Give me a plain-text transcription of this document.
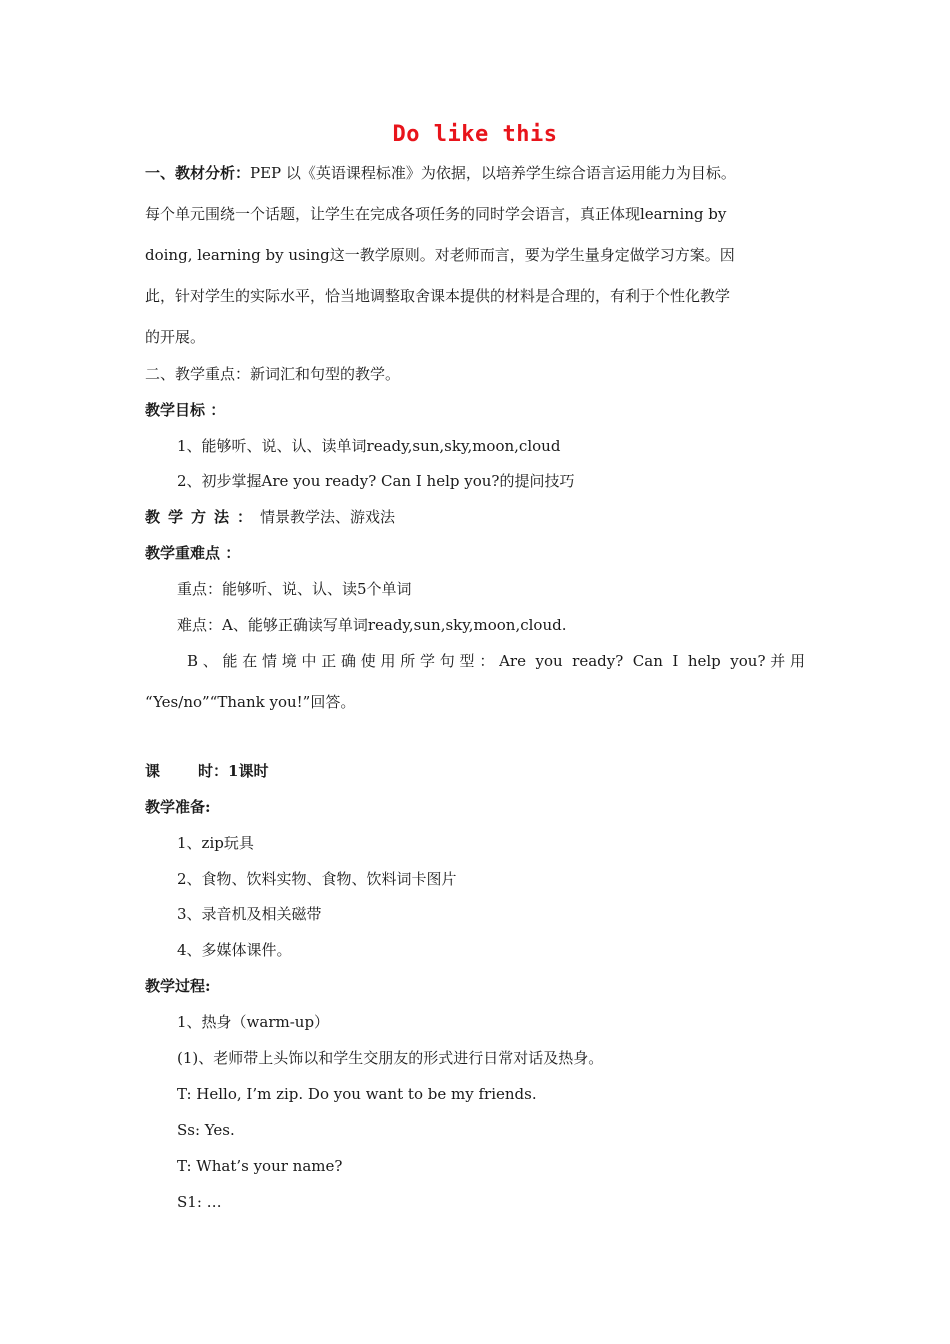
Do like this
一、教材分析：PEP 以《英语课程标准》为依据，以培养学生综合语言运用能力为目标。
每个单元围绕一个话题，让学生在完成各项任务的同时学会语言，真正体现learning by
doing, learning by using这一教学原则。对老师而言，要为学生量身定做学习方案。因
此，针对学生的实际水平，恰当地调整取舍课本提供的材料是合理的，有利于个性化教学
的开展。
二、教学重点：新词汇和句型的教学。
教学目标 ：
1、能够听、说、认、读单词ready,sun,sky,moon,cloud
2、初步掌握Are you ready? Can I help you?的提问技巧
教学方法：情景教学法、游戏法
教学重难点 ：
重点：能够听、说、认、读5个单词
难点：A、能够正确读写单词ready,sun,sky,moon,cloud.
B、能在情境中正确使用所学句型：Are you ready? Can I help you?并用
“Yes/no”“Thank you!”回答。
课	时：1课时
教学准备:
1、zip玩具
2、食物、饮料实物、食物、饮料词卡图片
3、录音机及相关磁带
4、多媒体课件。
教学过程:
1、热身（warm-up）
(1)、老师带上头饰以和学生交朋友的形式进行日常对话及热身。
T: Hello, I’m zip. Do you want to be my friends.
Ss: Yes.
T: What’s your name?
S1: …
